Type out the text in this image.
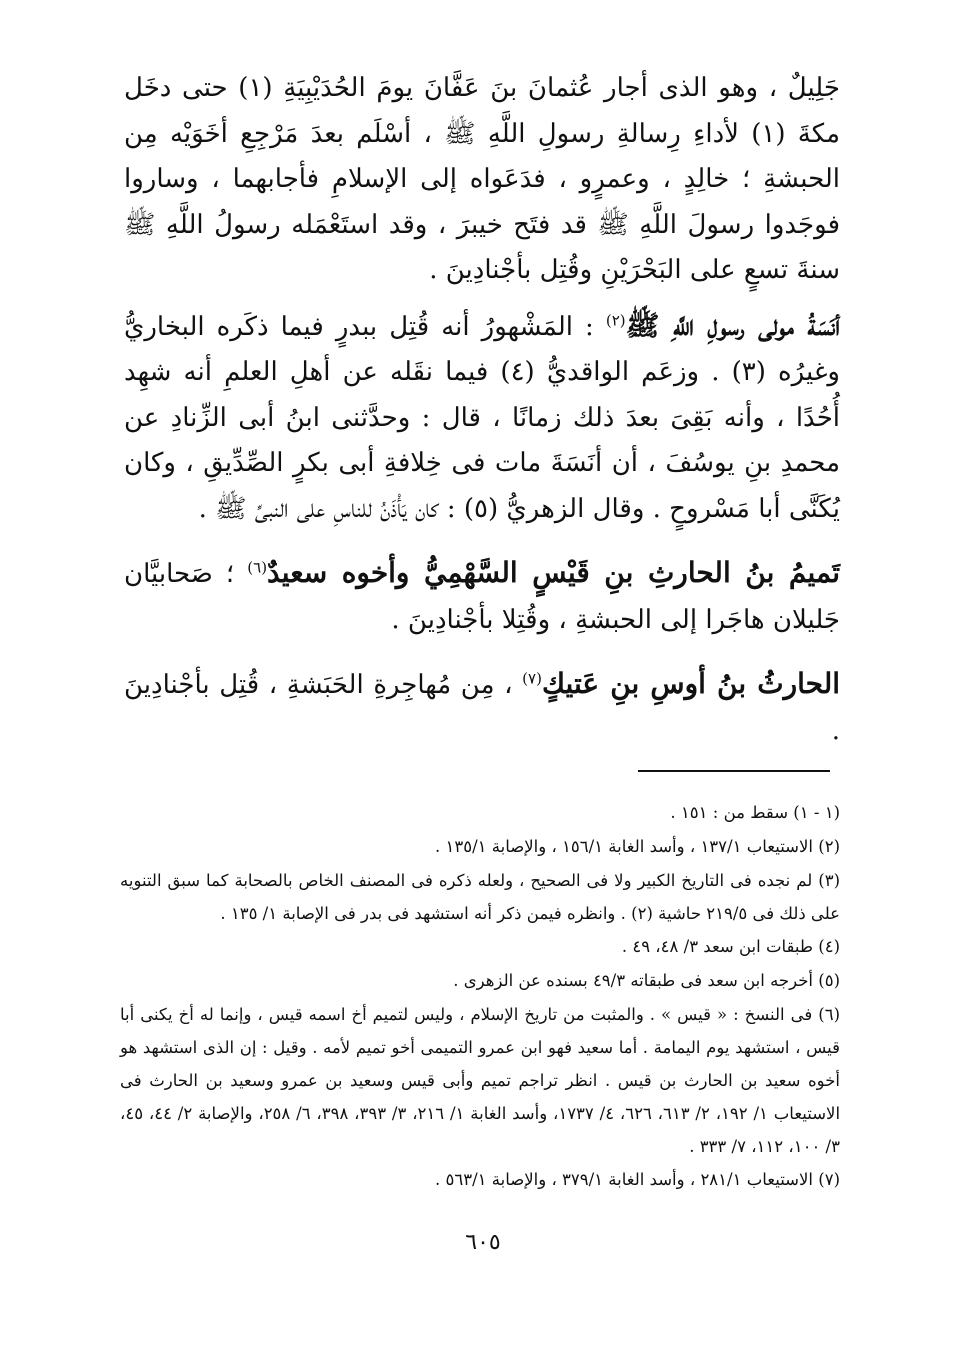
جَلِيلٌ ، وهو الذى أجار عُثمانَ بنَ عَفَّانَ يومَ الحُدَيْبِيَةِ (١) حتى دخَل مكةَ (١) لأداءِ رِسالةِ رسولِ اللَّهِ ﷺ ، أسْلَم بعدَ مَرْجِعِ أخَوَيْه مِن الحبشةِ ؛ خالِدٍ ، وعمرٍو ، فدَعَواه إلى الإسلامِ فأجابهما ، وساروا فوجَدوا رسولَ اللَّهِ ﷺ قد فتَح خيبرَ ، وقد استَعْمَله رسولُ اللَّهِ ﷺ سنةَ تسعٍ على البَحْرَيْنِ وقُتِل بأجْنادِينَ .

أنَسَةُ مولى رسولِ اللَّهِ ﷺ$^{(٢)}$ : المَشْهورُ أنه قُتِل ببدرٍ فيما ذكَره البخاريُّ وغيرُه (٣) . وزعَم الواقديُّ (٤) فيما نقَله عن أهلِ العلمِ أنه شهِد أُحُدًا ، وأنه بَقِىَ بعدَ ذلك زمانًا ، قال : وحدَّثنى ابنُ أبى الزِّنادِ عن محمدِ بنِ يوسُفَ ، أن أنَسَةَ مات فى خِلافةِ أبى بكرٍ الصِّدِّيقِ ، وكان يُكَنَّى أبا مَسْروحٍ . وقال الزهريُّ (٥) : كان يَأْذَنُ للناسِ على النبىِّ ﷺ .

تَميمُ بنُ الحارثِ بنِ قَيْسٍ السَّهْمِيُّ وأخوه سعيدٌ$^{(٦)}$ ؛ صَحابيَّان جَليلان هاجَرا إلى الحبشةِ ، وقُتِلا بأجْنادِينَ .

الحارثُ بنُ أوسِ بنِ عَتيكٍ$^{(٧)}$ ، مِن مُهاجِرةِ الحَبَشةِ ، قُتِل بأجْنادِينَ .

(١ - ١) سقط من : ١٥١ .

(٢) الاستيعاب ١٣٧/١ ، وأسد الغابة ١٥٦/١ ، والإصابة ١٣٥/١ .

(٣) لم نجده فى التاريخ الكبير ولا فى الصحيح ، ولعله ذكره فى المصنف الخاص بالصحابة كما سبق التنويه على ذلك فى ٢١٩/٥ حاشية (٢) . وانظره فيمن ذكر أنه استشهد فى بدر فى الإصابة ١/ ١٣٥ .

(٤) طبقات ابن سعد ٣/ ٤٨، ٤٩ .

(٥) أخرجه ابن سعد فى طبقاته ٤٩/٣ بسنده عن الزهرى .

(٦) فى النسخ : « قيس » . والمثبت من تاريخ الإسلام ، وليس لتميم أخ اسمه قيس ، وإنما له أخ يكنى أبا قيس ، استشهد يوم اليمامة . أما سعيد فهو ابن عمرو التميمى أخو تميم لأمه . وقيل : إن الذى استشهد هو أخوه سعيد بن الحارث بن قيس . انظر تراجم تميم وأبى قيس وسعيد بن عمرو وسعيد بن الحارث فى الاستيعاب ١/ ١٩٢، ٢/ ٦١٣، ٦٢٦، ٤/ ١٧٣٧، وأسد الغابة ١/ ٢١٦، ٣/ ٣٩٣، ٣٩٨، ٦/ ٢٥٨، والإصابة ٢/ ٤٤، ٤٥، ٣/ ١٠٠، ١١٢، ٧/ ٣٣٣ .

(٧) الاستيعاب ٢٨١/١ ، وأسد الغابة ٣٧٩/١ ، والإصابة ٥٦٣/١ .

٦٠٥
